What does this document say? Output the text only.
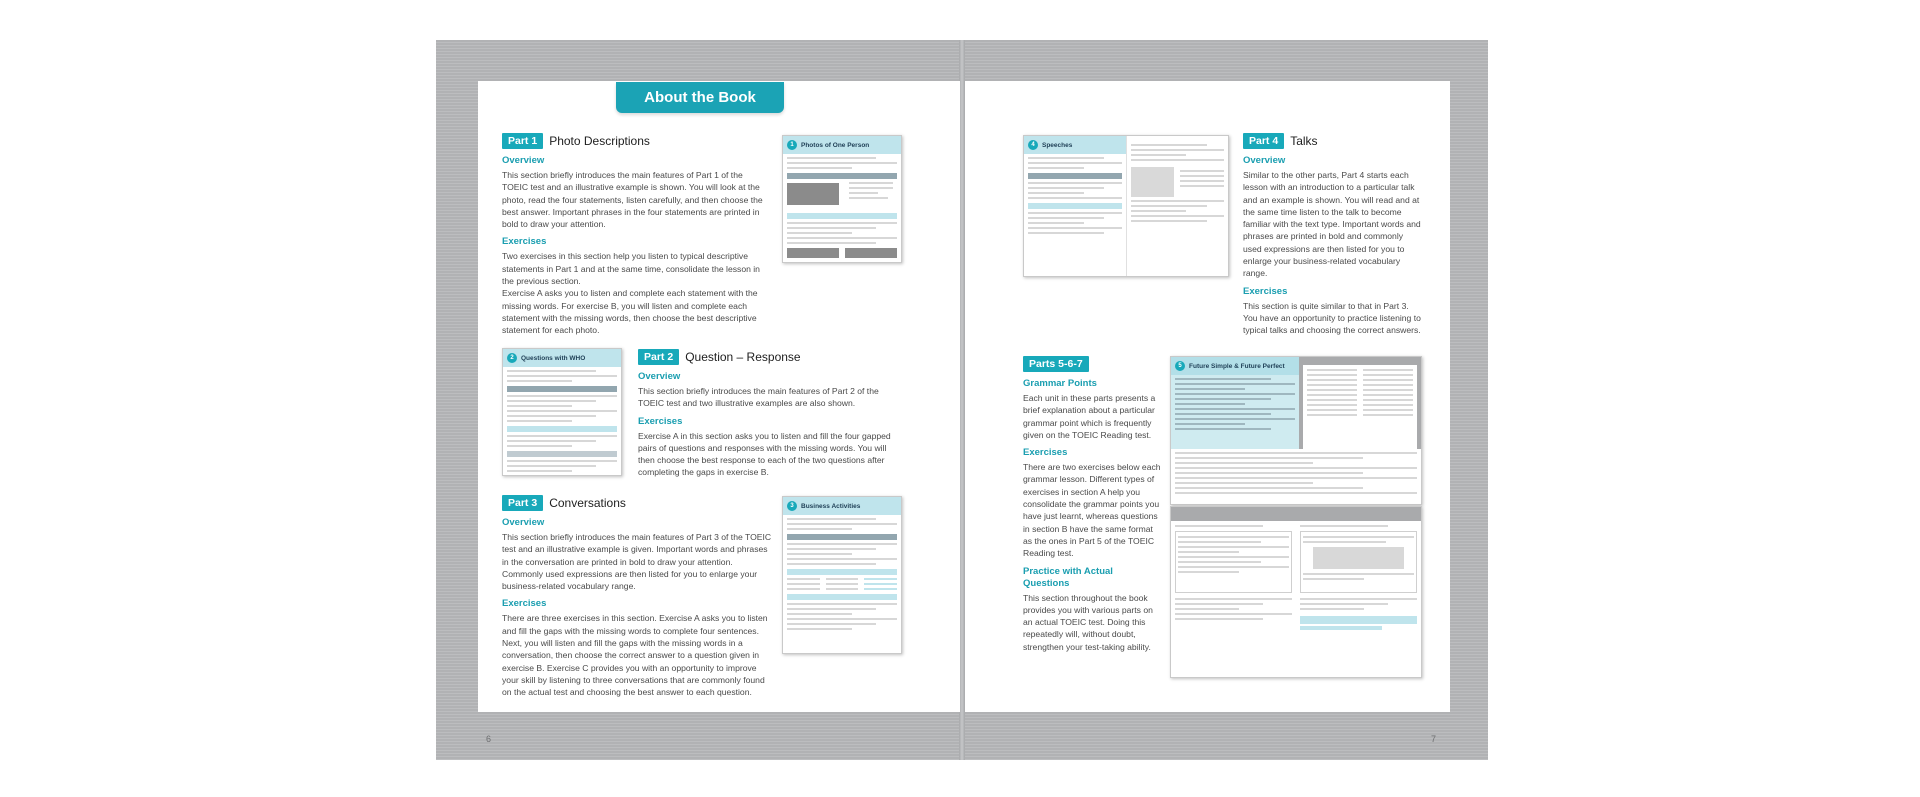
6	7
About the Book
Part 1	Photo Descriptions
Overview
This section briefly introduces the main features of Part 1 of the TOEIC test and an illustrative example is shown. You will look at the photo, read the four statements, listen carefully, and then choose the best answer. Important phrases in the four statements are printed in bold to draw your attention.
Exercises
Two exercises in this section help you listen to typical descriptive statements in Part 1 and at the same time, consolidate the lesson in the previous section.
Exercise A asks you to listen and complete each statement with the missing words. For exercise B, you will listen and complete each statement with the missing words, then choose the best descriptive statement for each photo.
1	Photos of One Person
2	Questions with WHO	Part 2	Question – Response
Overview
This section briefly introduces the main features of Part 2 of the TOEIC test and two illustrative examples are also shown.
Exercises
Exercise A in this section asks you to listen and fill the four gapped pairs of questions and responses with the missing words. You will then choose the best response to each of the two questions after completing the gaps in exercise B.
Part 3	Conversations
Overview
This section briefly introduces the main features of Part 3 of the TOEIC test and an illustrative example is given. Important words and phrases in the conversation are printed in bold to draw your attention. Commonly used expressions are then listed for you to enlarge your business-related vocabulary range.
Exercises
There are three exercises in this section. Exercise A asks you to listen and fill the gaps with the missing words to complete four sentences. Next, you will listen and fill the gaps with the missing words in a conversation, then choose the correct answer to a question given in exercise B. Exercise C provides you with an opportunity to improve your skill by listening to three conversations that are commonly found on the actual test and choosing the best answer to each question.
3	Business Activities
4	Speeches	Part 4	Talks
Overview
Similar to the other parts, Part 4 starts each lesson with an introduction to a particular talk and an example is shown. You will read and at the same time listen to the talk to become familiar with the text type. Important words and phrases are printed in bold and commonly used expressions are then listed for you to enlarge your business-related vocabulary range.
Exercises
This section is quite similar to that in Part 3. You have an opportunity to practice listening to typical talks and choosing the correct answers.
Parts 5-6-7
Grammar Points
Each unit in these parts presents a brief explanation about a particular grammar point which is frequently given on the TOEIC Reading test.
Exercises
There are two exercises below each grammar lesson. Different types of exercises in section A help you consolidate the grammar points you have just learnt, whereas questions in section B have the same format as the ones in Part 5 of the TOEIC Reading test.
Practice with Actual Questions
This section throughout the book provides you with various parts on an actual TOEIC test. Doing this repeatedly will, without doubt, strengthen your test-taking ability.
5	Future Simple & Future Perfect
